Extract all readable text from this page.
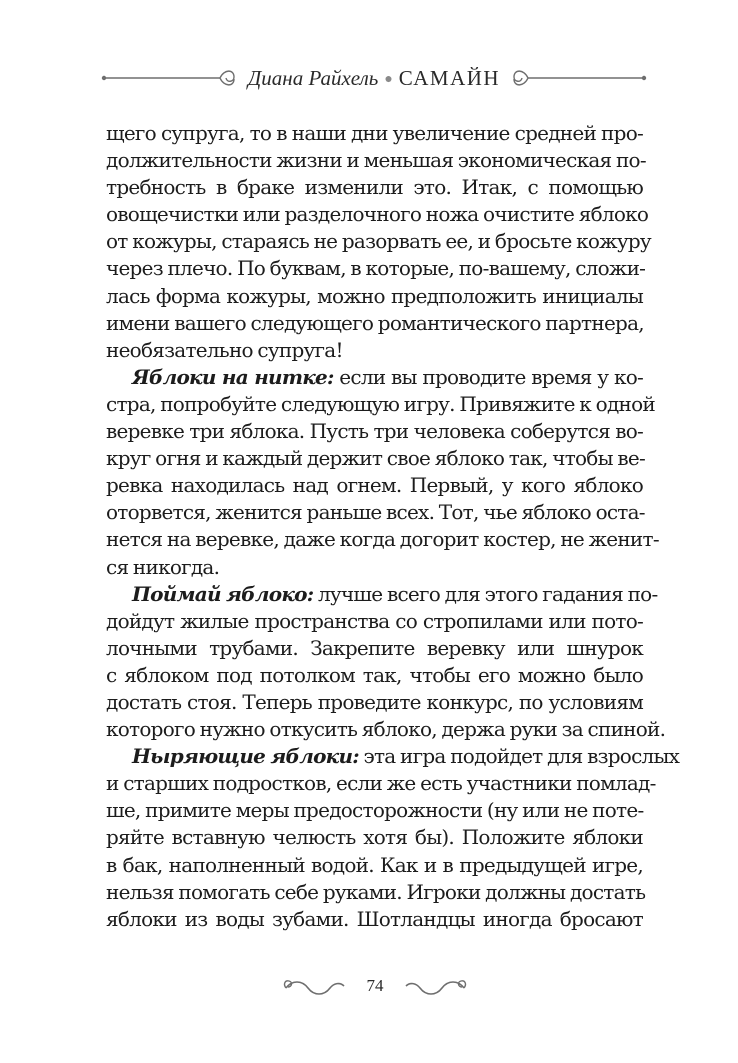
Диана Райхель ● САМАЙН
щего супруга, то в наши дни увеличение средней про-
должительности жизни и меньшая экономическая по-
требность в браке изменили это. Итак, с помощью
овощечистки или разделочного ножа очистите яблоко
от кожуры, стараясь не разорвать ее, и бросьте кожуру
через плечо. По буквам, в которые, по-вашему, сложи-
лась форма кожуры, можно предположить инициалы
имени вашего следующего романтического партнера,
необязательно супруга!
Яблоки на нитке: если вы проводите время у ко-
стра, попробуйте следующую игру. Привяжите к одной
веревке три яблока. Пусть три человека соберутся во-
круг огня и каждый держит свое яблоко так, чтобы ве-
ревка находилась над огнем. Первый, у кого яблоко
оторвется, женится раньше всех. Тот, чье яблоко оста-
нется на веревке, даже когда догорит костер, не женит-
ся никогда.
Поймай яблоко: лучше всего для этого гадания по-
дойдут жилые пространства со стропилами или пото-
лочными трубами. Закрепите веревку или шнурок
с яблоком под потолком так, чтобы его можно было
достать стоя. Теперь проведите конкурс, по условиям
которого нужно откусить яблоко, держа руки за спиной.
Ныряющие яблоки: эта игра подойдет для взрослых
и старших подростков, если же есть участники помлад-
ше, примите меры предосторожности (ну или не поте-
ряйте вставную челюсть хотя бы). Положите яблоки
в бак, наполненный водой. Как и в предыдущей игре,
нельзя помогать себе руками. Игроки должны достать
яблоки из воды зубами. Шотландцы иногда бросают
74
